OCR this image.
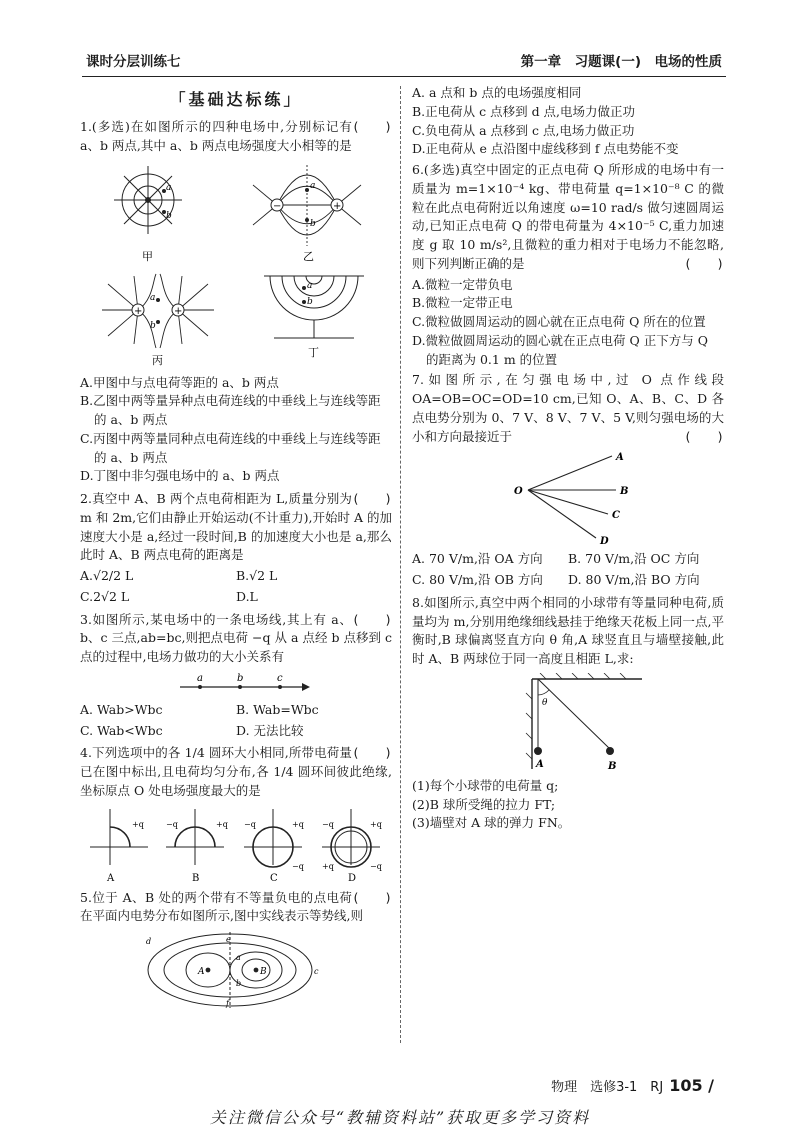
课时分层训练七	第一章　习题课(一)　电场的性质
「基础达标练」
(　　)
1.(多选)在如图所示的四种电场中,分别标记有 a、b 两点,其中 a、b 两点电场强度大小相等的是
a
b
甲
−	+
a
b
乙
+	+
a
b
丙
a
b
丁
A.甲图中与点电荷等距的 a、b 两点
B.乙图中两等量异种点电荷连线的中垂线上与连线等距的 a、b 两点
C.丙图中两等量同种点电荷连线的中垂线上与连线等距的 a、b 两点
D.丁图中非匀强电场中的 a、b 两点
(　　)
2.真空中 A、B 两个点电荷相距为 L,质量分别为 m 和 2m,它们由静止开始运动(不计重力),开始时 A 的加速度大小是 a,经过一段时间,B 的加速度大小也是 a,那么此时 A、B 两点电荷的距离是
A.√2/2 L	B.√2 L
C.2√2 L	D.L
(　　)
3.如图所示,某电场中的一条电场线,其上有 a、b、c 三点,ab=bc,则把点电荷 −q 从 a 点经 b 点移到 c 点的过程中,电场力做功的大小关系有
a	b	c
A. Wab>Wbc	B. Wab=Wbc
C. Wab<Wbc	D. 无法比较
(　　)
4.下列选项中的各 1/4 圆环大小相同,所带电荷量已在图中标出,且电荷均匀分布,各 1/4 圆环间彼此绝缘,坐标原点 O 处电场强度最大的是
+q	−q	+q −q	+q
−q
−q	+q
+q	−q
A	B	C	D
(　　)
5.位于 A、B 处的两个带有不等量负电的点电荷在平面内电势分布如图所示,图中实线表示等势线,则
A	B
a
b
c
d	e
f
A. a 点和 b 点的电场强度相同
B.正电荷从 c 点移到 d 点,电场力做正功
C.负电荷从 a 点移到 c 点,电场力做正功
D.正电荷从 e 点沿图中虚线移到 f 点电势能不变
6.(多选)真空中固定的正点电荷 Q 所形成的电场中有一质量为 m=1×10⁻⁴ kg、带电荷量 q=1×10⁻⁸ C 的微粒在此点电荷附近以角速度 ω=10 rad/s 做匀速圆周运动,已知正点电荷 Q 的带电荷量为 4×10⁻⁵ C,重力加速度 g 取 10 m/s²,且微粒的重力相对于电场力不能忽略,则下列判断正确的是	(　　)
A.微粒一定带负电
B.微粒一定带正电
C.微粒做圆周运动的圆心就在正点电荷 Q 所在的位置
D.微粒做圆周运动的圆心就在正点电荷 Q 正下方与 Q 的距离为 0.1 m 的位置
7.如图所示,在匀强电场中,过 O 点作线段 OA=OB=OC=OD=10 cm,已知 O、A、B、C、D 各点电势分别为 0、7 V、8 V、7 V、5 V,则匀强电场的大小和方向最接近于	(　　)
O
A
B
C
D
A. 70 V/m,沿 OA 方向	B. 70 V/m,沿 OC 方向
C. 80 V/m,沿 OB 方向	D. 80 V/m,沿 BO 方向
8.如图所示,真空中两个相同的小球带有等量同种电荷,质量均为 m,分别用绝缘细线悬挂于绝缘天花板上同一点,平衡时,B 球偏离竖直方向 θ 角,A 球竖直且与墙壁接触,此时 A、B 两球位于同一高度且相距 L,求:
θ
A	B
(1)每个小球带的电荷量 q;
(2)B 球所受绳的拉力 FT;
(3)墙壁对 A 球的弹力 FN。
物理　选修3-1　RJ 105 /
关注微信公众号“教辅资料站”获取更多学习资料
